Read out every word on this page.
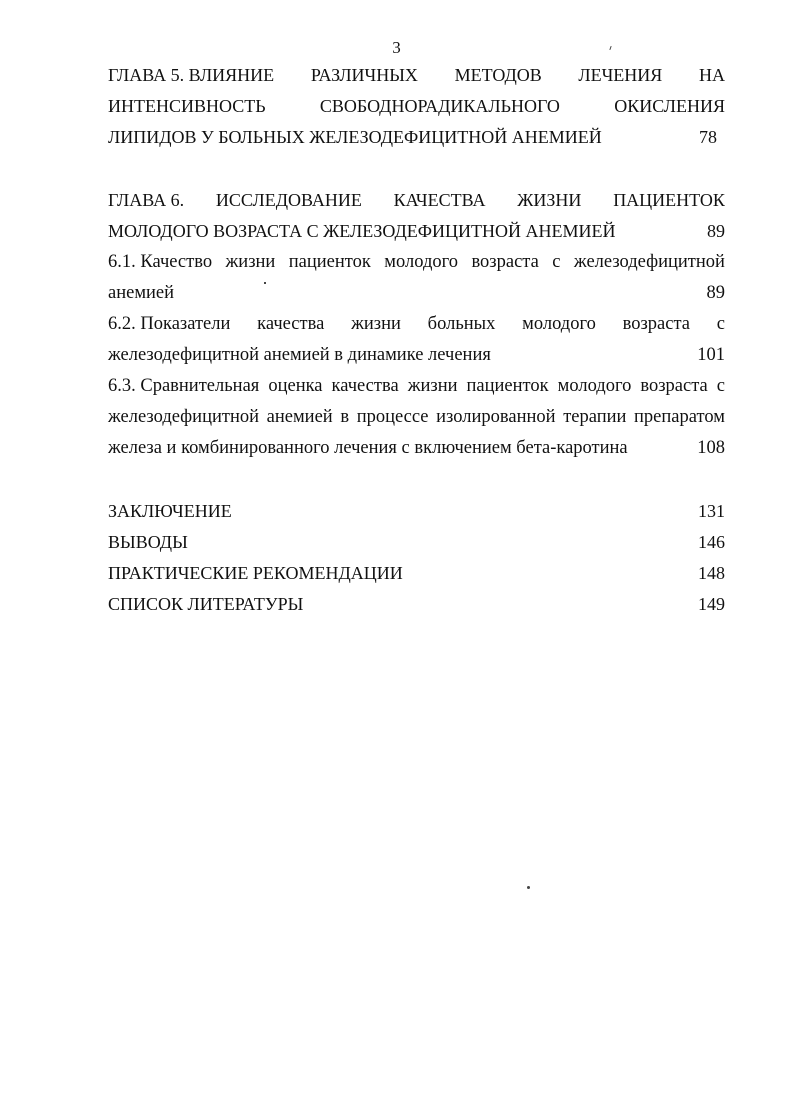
3
ГЛАВА 5. ВЛИЯНИЕ РАЗЛИЧНЫХ МЕТОДОВ ЛЕЧЕНИЯ НА
ИНТЕНСИВНОСТЬ	СВОБОДНОРАДИКАЛЬНОГО	ОКИСЛЕНИЯ
ЛИПИДОВ У БОЛЬНЫХ ЖЕЛЕЗОДЕФИЦИТНОЙ АНЕМИЕЙ	78
ГЛАВА 6. ИССЛЕДОВАНИЕ КАЧЕСТВА ЖИЗНИ ПАЦИЕНТОК
МОЛОДОГО ВОЗРАСТА С ЖЕЛЕЗОДЕФИЦИТНОЙ АНЕМИЕЙ	89
6.1. Качество жизни пациенток молодого возраста с железодефицитной
анемией	89
6.2. Показатели качества жизни больных молодого возраста с
железодефицитной анемией в динамике лечения	101
6.3. Сравнительная оценка качества жизни пациенток молодого возраста с
железодефицитной анемией в процессе изолированной терапии препаратом
железа и комбинированного лечения с включением бета-каротина	108
ЗАКЛЮЧЕНИЕ	131
ВЫВОДЫ	146
ПРАКТИЧЕСКИЕ РЕКОМЕНДАЦИИ	148
СПИСОК ЛИТЕРАТУРЫ	149
